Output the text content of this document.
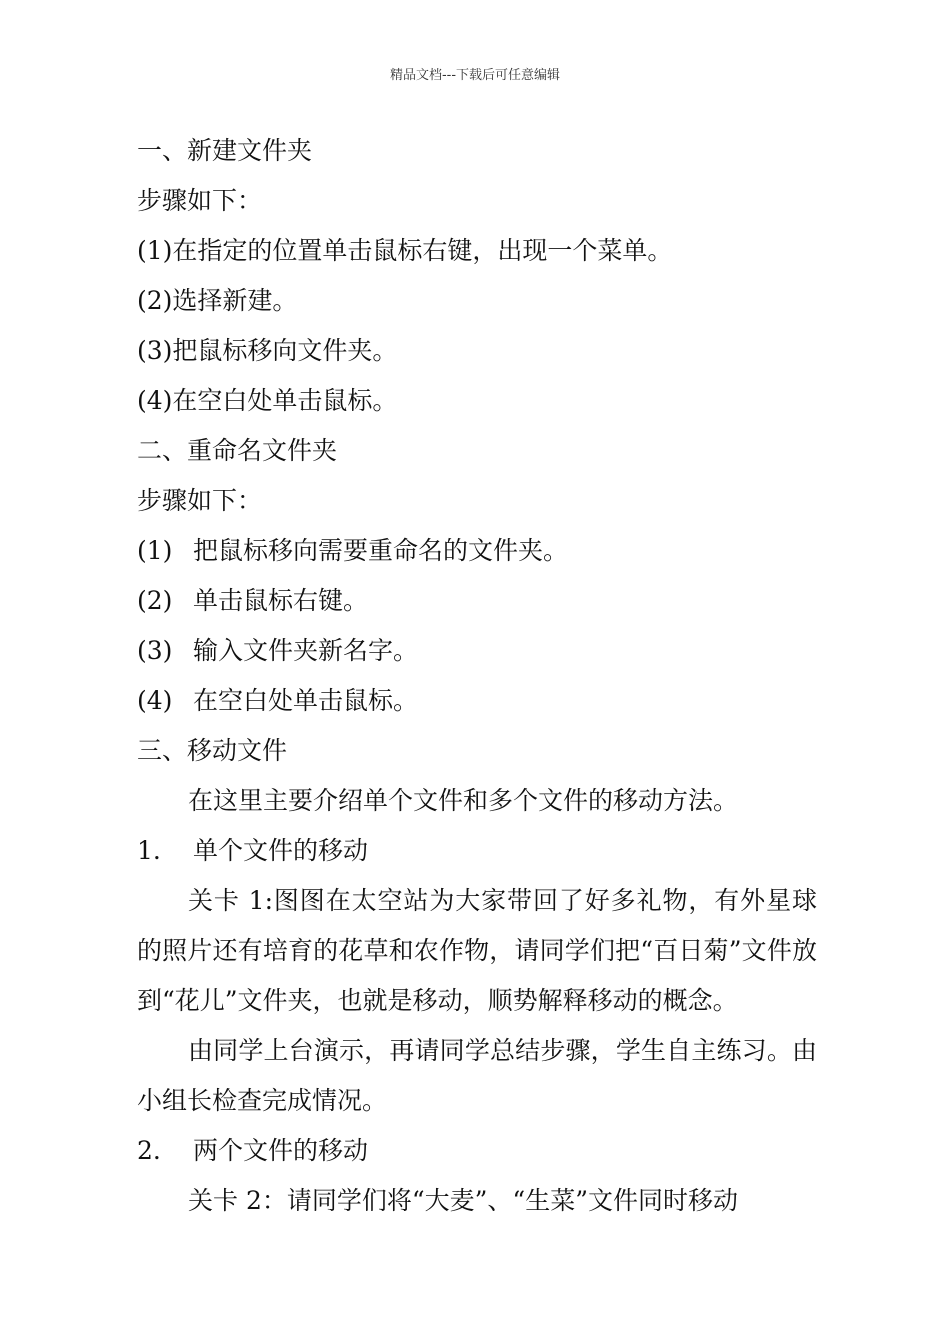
精品文档---下载后可任意编辑

一、新建文件夹

步骤如下：

(1)在指定的位置单击鼠标右键，出现一个菜单。

(2)选择新建。

(3)把鼠标移向文件夹。

(4)在空白处单击鼠标。

二、重命名文件夹

步骤如下：

(1) 把鼠标移向需要重命名的文件夹。

(2) 单击鼠标右键。

(3) 输入文件夹新名字。

(4) 在空白处单击鼠标。

三、移动文件

在这里主要介绍单个文件和多个文件的移动方法。

1. 单个文件的移动

关卡 1:图图在太空站为大家带回了好多礼物，有外星球的照片还有培育的花草和农作物，请同学们把“百日菊”文件放到“花儿”文件夹，也就是移动，顺势解释移动的概念。

由同学上台演示，再请同学总结步骤，学生自主练习。由小组长检查完成情况。

2. 两个文件的移动

关卡 2：请同学们将“大麦”、“生菜”文件同时移动
